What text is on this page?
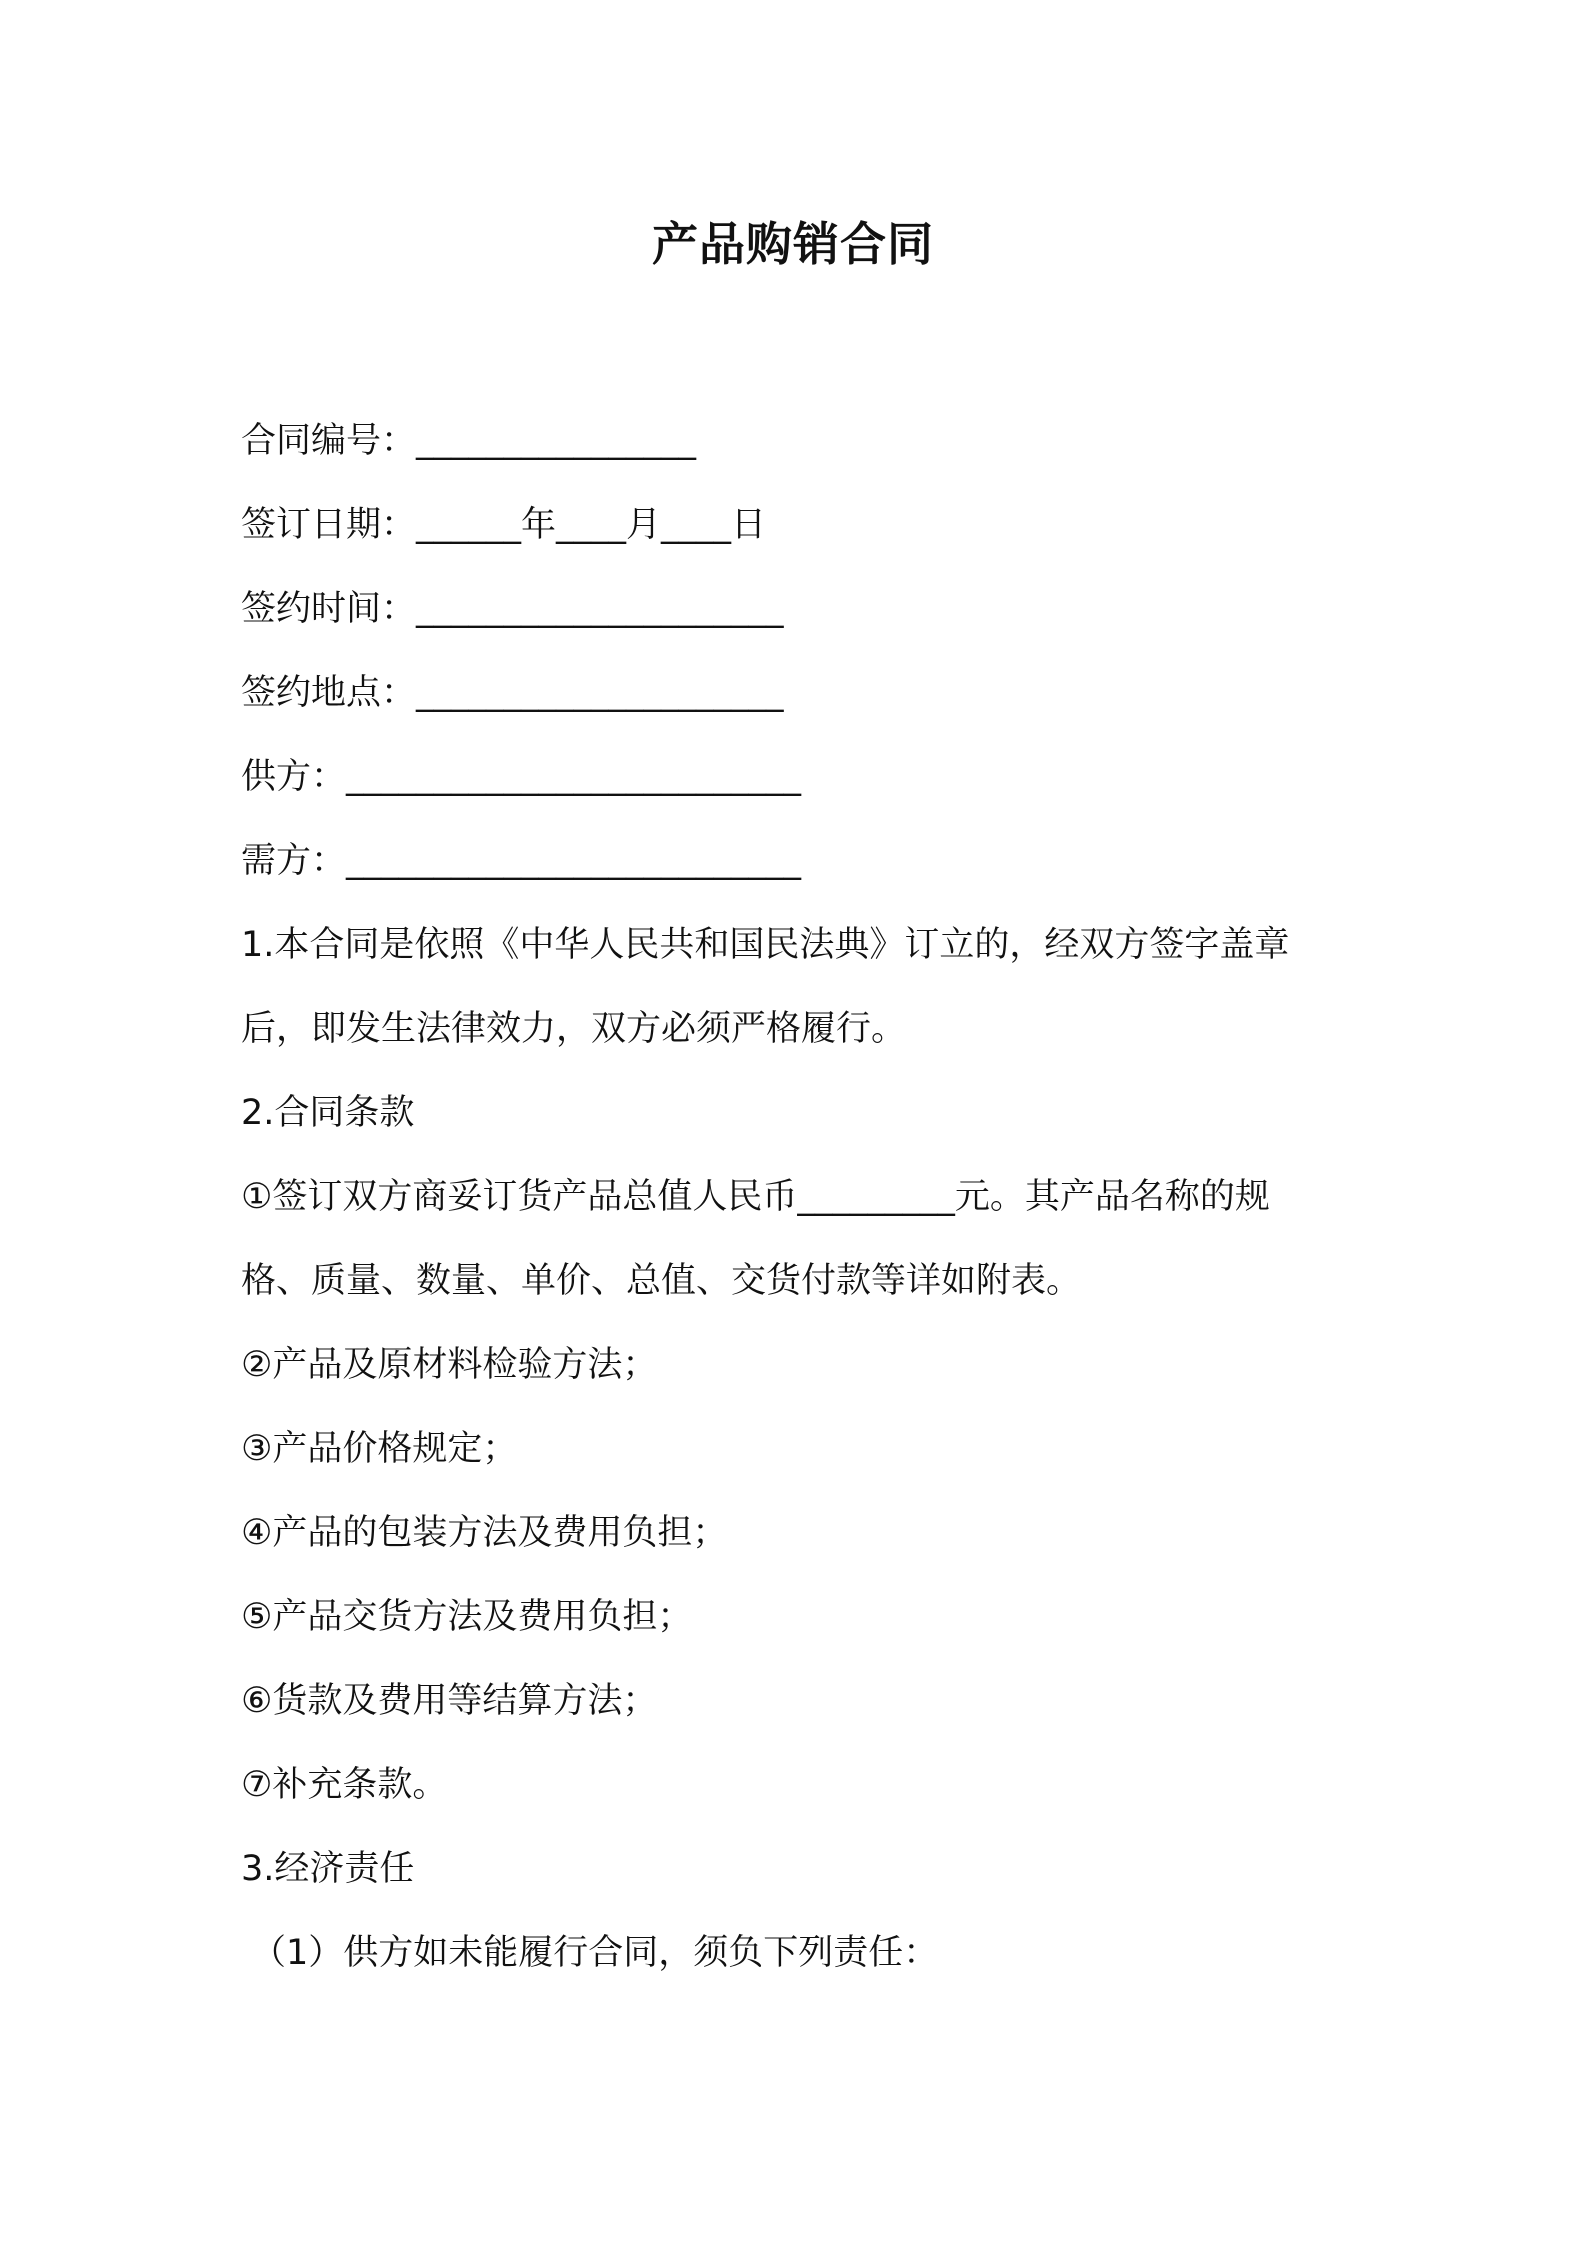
产品购销合同
合同编号：________________
签订日期：______年____月____日
签约时间：_____________________
签约地点：_____________________
供方：__________________________
需方：__________________________
1.本合同是依照《中华人民共和国民法典》订立的，经双方签字盖章
后，即发生法律效力，双方必须严格履行。
2.合同条款
①签订双方商妥订货产品总值人民币_________元。其产品名称的规
格、质量、数量、单价、总值、交货付款等详如附表。
②产品及原材料检验方法；
③产品价格规定；
④产品的包装方法及费用负担；
⑤产品交货方法及费用负担；
⑥货款及费用等结算方法；
⑦补充条款。
3.经济责任
（1）供方如未能履行合同，须负下列责任：
